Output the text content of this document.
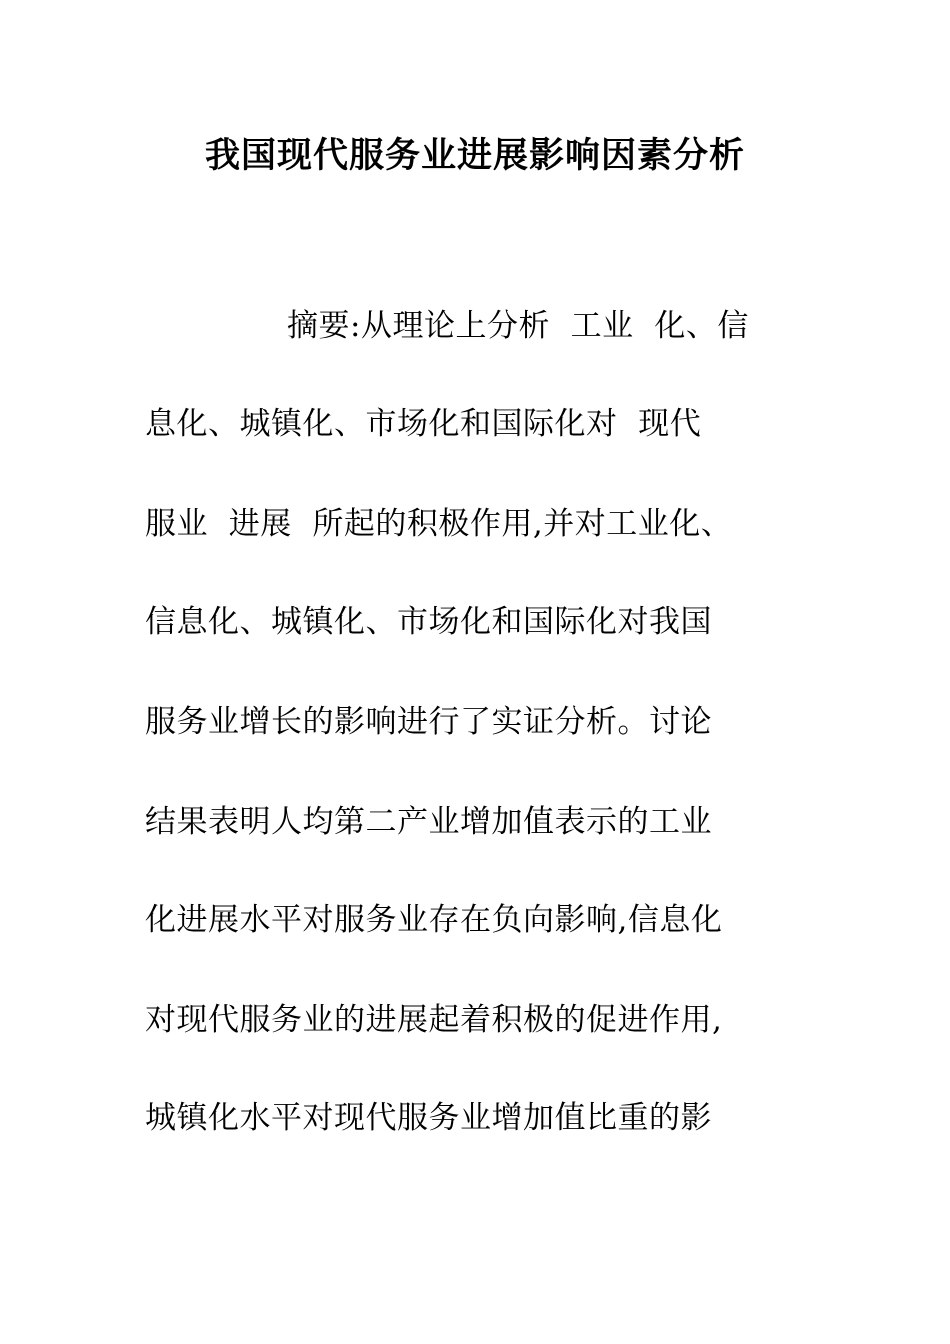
我国现代服务业进展影响因素分析

摘要:从理论上分析  工业  化、信

息化、城镇化、市场化和国际化对  现代

服业  进展  所起的积极作用,并对工业化、

信息化、城镇化、市场化和国际化对我国

服务业增长的影响进行了实证分析。讨论

结果表明人均第二产业增加值表示的工业

化进展水平对服务业存在负向影响,信息化

对现代服务业的进展起着积极的促进作用,

城镇化水平对现代服务业增加值比重的影
